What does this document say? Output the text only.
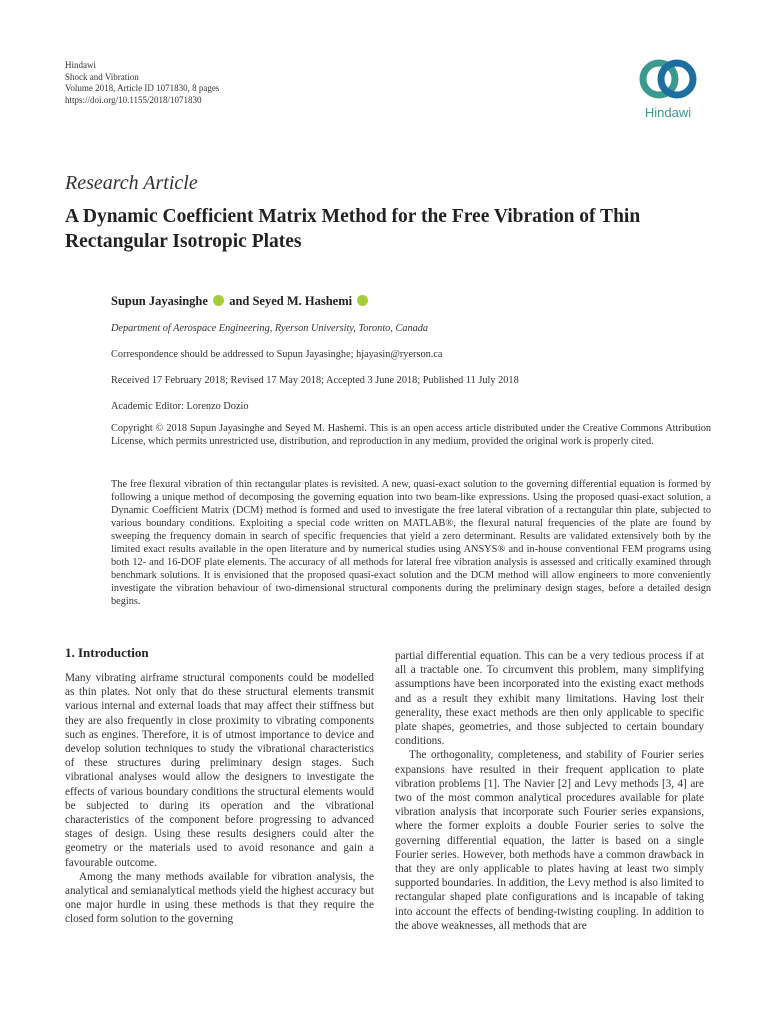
Hindawi
Shock and Vibration
Volume 2018, Article ID 1071830, 8 pages
https://doi.org/10.1155/2018/1071830
Hindawi
Research Article
A Dynamic Coefficient Matrix Method for the Free Vibration of Thin Rectangular Isotropic Plates
Supun Jayasinghe  and Seyed M. Hashemi
Department of Aerospace Engineering, Ryerson University, Toronto, Canada
Correspondence should be addressed to Supun Jayasinghe; hjayasin@ryerson.ca
Received 17 February 2018; Revised 17 May 2018; Accepted 3 June 2018; Published 11 July 2018
Academic Editor: Lorenzo Dozio
Copyright © 2018 Supun Jayasinghe and Seyed M. Hashemi. This is an open access article distributed under the Creative Commons Attribution License, which permits unrestricted use, distribution, and reproduction in any medium, provided the original work is properly cited.
The free flexural vibration of thin rectangular plates is revisited. A new, quasi-exact solution to the governing differential equation is formed by following a unique method of decomposing the governing equation into two beam-like expressions. Using the proposed quasi-exact solution, a Dynamic Coefficient Matrix (DCM) method is formed and used to investigate the free lateral vibration of a rectangular thin plate, subjected to various boundary conditions. Exploiting a special code written on MATLAB®, the flexural natural frequencies of the plate are found by sweeping the frequency domain in search of specific frequencies that yield a zero determinant. Results are validated extensively both by the limited exact results available in the open literature and by numerical studies using ANSYS® and in-house conventional FEM programs using both 12- and 16-DOF plate elements. The accuracy of all methods for lateral free vibration analysis is assessed and critically examined through benchmark solutions. It is envisioned that the proposed quasi-exact solution and the DCM method will allow engineers to more conveniently investigate the vibration behaviour of two-dimensional structural components during the preliminary design stages, before a detailed design begins.
1. Introduction

Many vibrating airframe structural components could be modelled as thin plates. Not only that do these structural elements transmit various internal and external loads that may affect their stiffness but they are also frequently in close proximity to vibrating components such as engines. Therefore, it is of utmost importance to device and develop solution techniques to study the vibrational characteristics of these structures during preliminary design stages. Such vibrational analyses would allow the designers to investigate the effects of various boundary conditions the structural elements would be subjected to during its operation and the vibrational characteristics of the component before progressing to advanced stages of design. Using these results designers could alter the geometry or the materials used to avoid resonance and gain a favourable outcome.

Among the many methods available for vibration analysis, the analytical and semianalytical methods yield the highest accuracy but one major hurdle in using these methods is that they require the closed form solution to the governing

partial differential equation. This can be a very tedious process if at all a tractable one. To circumvent this problem, many simplifying assumptions have been incorporated into the existing exact methods and as a result they exhibit many limitations. Having lost their generality, these exact methods are then only applicable to specific plate shapes, geometries, and those subjected to certain boundary conditions.

The orthogonality, completeness, and stability of Fourier series expansions have resulted in their frequent application to plate vibration problems [1]. The Navier [2] and Levy methods [3, 4] are two of the most common analytical procedures available for plate vibration analysis that incorporate such Fourier series expansions, where the former exploits a double Fourier series to solve the governing differential equation, the latter is based on a single Fourier series. However, both methods have a common drawback in that they are only applicable to plates having at least two simply supported boundaries. In addition, the Levy method is also limited to rectangular shaped plate configurations and is incapable of taking into account the effects of bending-twisting coupling. In addition to the above weaknesses, all methods that are
